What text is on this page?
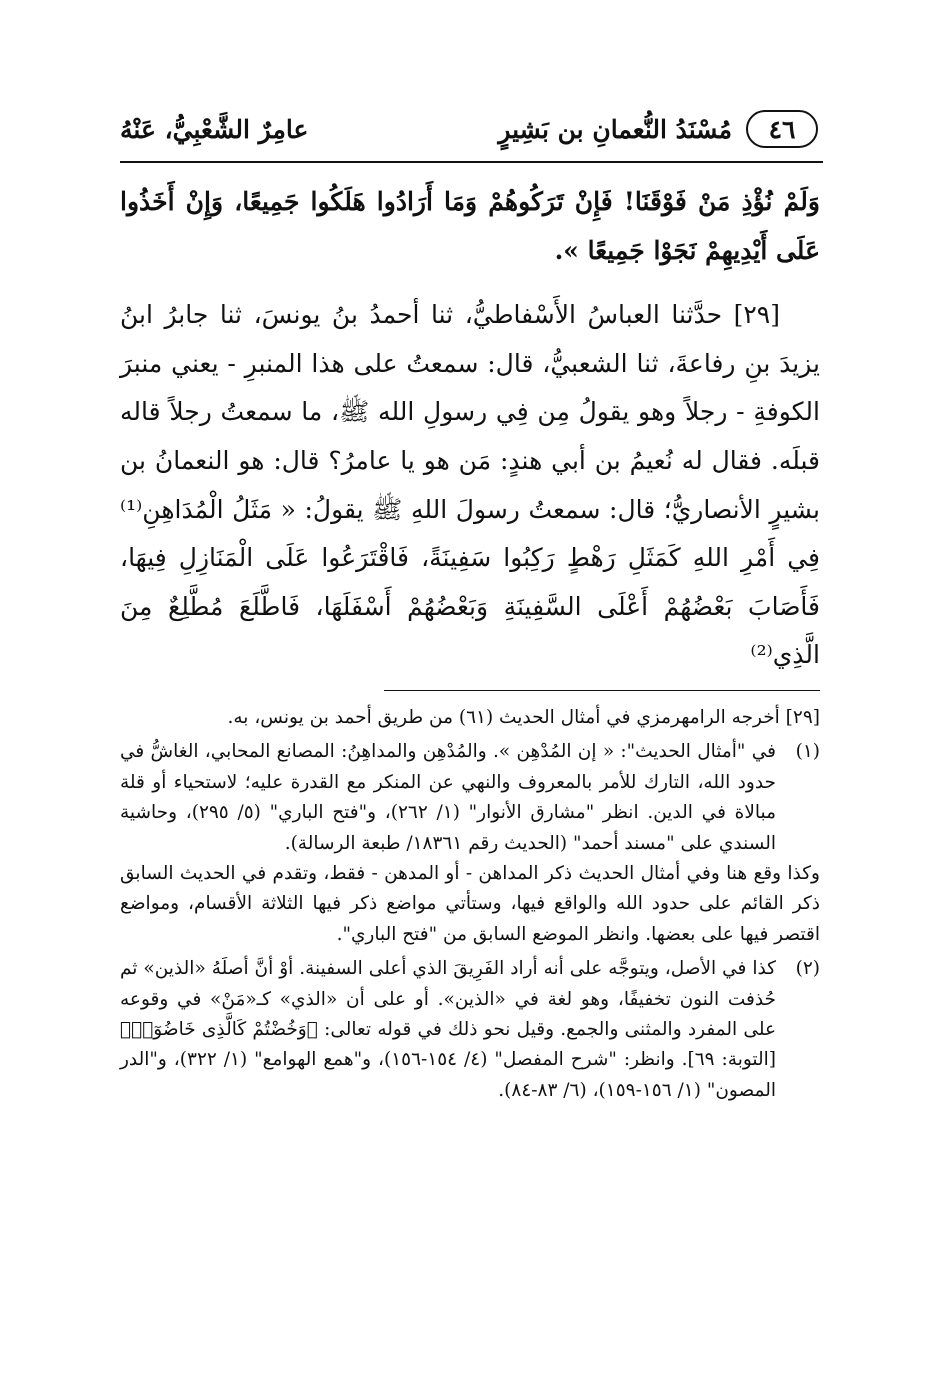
٤٦
مُسْنَدُ النُّعمانِ بن بَشِيرٍ
عامِرٌ الشَّعْبِيُّ، عَنْهُ

وَلَمْ نُؤْذِ مَنْ فَوْقَنَا! فَإِنْ تَرَكُوهُمْ وَمَا أَرَادُوا هَلَكُوا جَمِيعًا، وَإِنْ أَخَذُوا عَلَى أَيْدِيهِمْ نَجَوْا جَمِيعًا ».

[٢٩] حدَّثنا العباسُ الأَسْفاطيُّ، ثنا أحمدُ بنُ يونسَ، ثنا جابرُ ابنُ يزيدَ بنِ رفاعةَ، ثنا الشعبيُّ، قال: سمعتُ على هذا المنبرِ - يعني منبرَ الكوفةِ - رجلاً وهو يقولُ مِن فِي رسولِ الله ﷺ، ما سمعتُ رجلاً قاله قبلَه. فقال له نُعيمُ بن أبي هندٍ: مَن هو يا عامرُ؟ قال: هو النعمانُ بن بشيرٍ الأنصاريُّ؛ قال: سمعتُ رسولَ اللهِ ﷺ يقولُ: « مَثَلُ الْمُدَاهِنِ⁽¹⁾ فِي أَمْرِ اللهِ كَمَثَلِ رَهْطٍ رَكِبُوا سَفِينَةً، فَاقْتَرَعُوا عَلَى الْمَنَازِلِ فِيهَا، فَأَصَابَ بَعْضُهُمْ أَعْلَى السَّفِينَةِ وَبَعْضُهُمْ أَسْفَلَهَا، فَاطَّلَعَ مُطَّلِعٌ مِنَ الَّذِي⁽²⁾

[٢٩] أخرجه الرامهرمزي في أمثال الحديث (٦١) من طريق أحمد بن يونس، به.

(١)

في "أمثال الحديث": « إن المُدْهِن ». والمُدْهِن والمداهِنُ: المصانع المحابي، الغاشُّ في حدود الله، التارك للأمر بالمعروف والنهي عن المنكر مع القدرة عليه؛ لاستحياء أو قلة مبالاة في الدين. انظر "مشارق الأنوار" (١/ ٢٦٢)، و"فتح الباري" (٥/ ٢٩٥)، وحاشية السندي على "مسند أحمد" (الحديث رقم ١٨٣٦١/ طبعة الرسالة).

وكذا وقع هنا وفي أمثال الحديث ذكر المداهن - أو المدهن - فقط، وتقدم في الحديث السابق ذكر القائم على حدود الله والواقع فيها، وستأتي مواضع ذكر فيها الثلاثة الأقسام، ومواضع اقتصر فيها على بعضها. وانظر الموضع السابق من "فتح الباري".

(٢)

كذا في الأصل، ويتوجَّه على أنه أراد الفَرِيقَ الذي أعلى السفينة. أوْ أنَّ أصلَهُ «الذين» ثم حُذفت النون تخفيفًا، وهو لغة في «الذين». أو على أن «الذي» كـ«مَنْ» في وقوعه على المفرد والمثنى والجمع. وقيل نحو ذلك في قوله تعالى: ﴿وَخُضْتُمْ كَالَّذِى خَاضُوٓا۟﴾ [التوبة: ٦٩]. وانظر: "شرح المفصل" (٤/ ١٥٤-١٥٦)، و"همع الهوامع" (١/ ٣٢٢)، و"الدر المصون" (١/ ١٥٦-١٥٩)، (٦/ ٨٣-٨٤).
